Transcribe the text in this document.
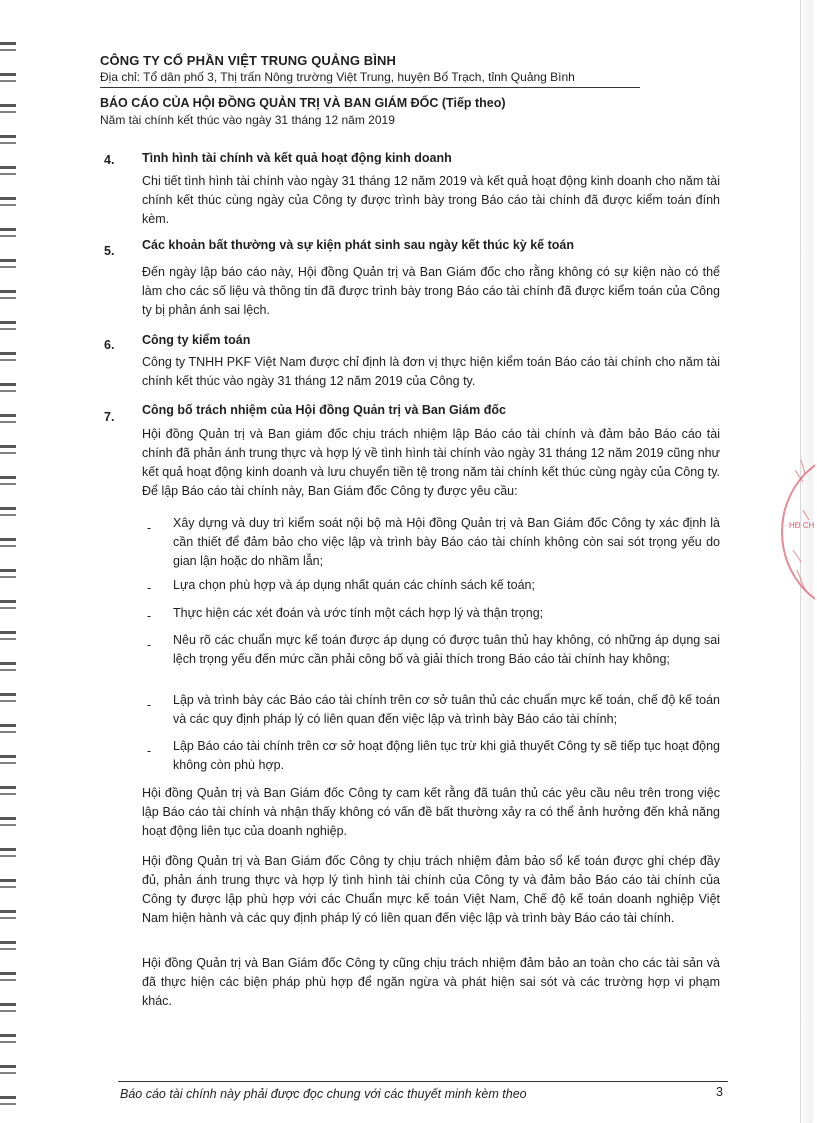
CÔNG TY CỔ PHẦN VIỆT TRUNG QUẢNG BÌNH
Địa chỉ: Tổ dân phố 3, Thị trấn Nông trường Việt Trung, huyện Bố Trạch, tỉnh Quảng Bình
BÁO CÁO CỦA HỘI ĐỒNG QUẢN TRỊ VÀ BAN GIÁM ĐỐC (Tiếp theo)
Năm tài chính kết thúc vào ngày 31 tháng 12 năm 2019
4. Tình hình tài chính và kết quả hoạt động kinh doanh
Chi tiết tình hình tài chính vào ngày 31 tháng 12 năm 2019 và kết quả hoạt động kinh doanh cho năm tài chính kết thúc cùng ngày của Công ty được trình bày trong Báo cáo tài chính đã được kiểm toán đính kèm.
5. Các khoản bất thường và sự kiện phát sinh sau ngày kết thúc kỳ kế toán
Đến ngày lập báo cáo này, Hội đồng Quản trị và Ban Giám đốc cho rằng không có sự kiện nào có thể làm cho các số liệu và thông tin đã được trình bày trong Báo cáo tài chính đã được kiểm toán của Công ty bị phản ánh sai lệch.
6. Công ty kiểm toán
Công ty TNHH PKF Việt Nam được chỉ định là đơn vị thực hiện kiểm toán Báo cáo tài chính cho năm tài chính kết thúc vào ngày 31 tháng 12 năm 2019 của Công ty.
7. Công bố trách nhiệm của Hội đồng Quản trị và Ban Giám đốc
Hội đồng Quản trị và Ban giám đốc chịu trách nhiệm lập Báo cáo tài chính và đảm bảo Báo cáo tài chính đã phản ánh trung thực và hợp lý về tình hình tài chính vào ngày 31 tháng 12 năm 2019 cũng như kết quả hoạt động kinh doanh và lưu chuyển tiền tệ trong năm tài chính kết thúc cùng ngày của Công ty. Để lập Báo cáo tài chính này, Ban Giám đốc Công ty được yêu cầu:
- Xây dựng và duy trì kiểm soát nội bộ mà Hội đồng Quản trị và Ban Giám đốc Công ty xác định là cần thiết để đảm bảo cho việc lập và trình bày Báo cáo tài chính không còn sai sót trọng yếu do gian lận hoặc do nhầm lẫn;
- Lựa chọn phù hợp và áp dụng nhất quán các chính sách kế toán;
- Thực hiện các xét đoán và ước tính một cách hợp lý và thận trọng;
- Nêu rõ các chuẩn mực kế toán được áp dụng có được tuân thủ hay không, có những áp dụng sai lệch trọng yếu đến mức cần phải công bố và giải thích trong Báo cáo tài chính hay không;
- Lập và trình bày các Báo cáo tài chính trên cơ sở tuân thủ các chuẩn mực kế toán, chế độ kế toán và các quy định pháp lý có liên quan đến việc lập và trình bày Báo cáo tài chính;
- Lập Báo cáo tài chính trên cơ sở hoạt động liên tục trừ khi giả thuyết Công ty sẽ tiếp tục hoạt động không còn phù hợp.
Hội đồng Quản trị và Ban Giám đốc Công ty cam kết rằng đã tuân thủ các yêu cầu nêu trên trong việc lập Báo cáo tài chính và nhận thấy không có vấn đề bất thường xảy ra có thể ảnh hưởng đến khả năng hoạt động liên tục của doanh nghiệp.
Hội đồng Quản trị và Ban Giám đốc Công ty chịu trách nhiệm đảm bảo sổ kế toán được ghi chép đầy đủ, phản ánh trung thực và hợp lý tình hình tài chính của Công ty và đảm bảo Báo cáo tài chính của Công ty được lập phù hợp với các Chuẩn mực kế toán Việt Nam, Chế độ kế toán doanh nghiệp Việt Nam hiện hành và các quy định pháp lý có liên quan đến việc lập và trình bày Báo cáo tài chính.
Hội đồng Quản trị và Ban Giám đốc Công ty cũng chịu trách nhiệm đảm bảo an toàn cho các tài sản và đã thực hiện các biện pháp phù hợp để ngăn ngừa và phát hiện sai sót và các trường hợp vi phạm khác.
HĐ CH
Báo cáo tài chính này phải được đọc chung với các thuyết minh kèm theo	3
